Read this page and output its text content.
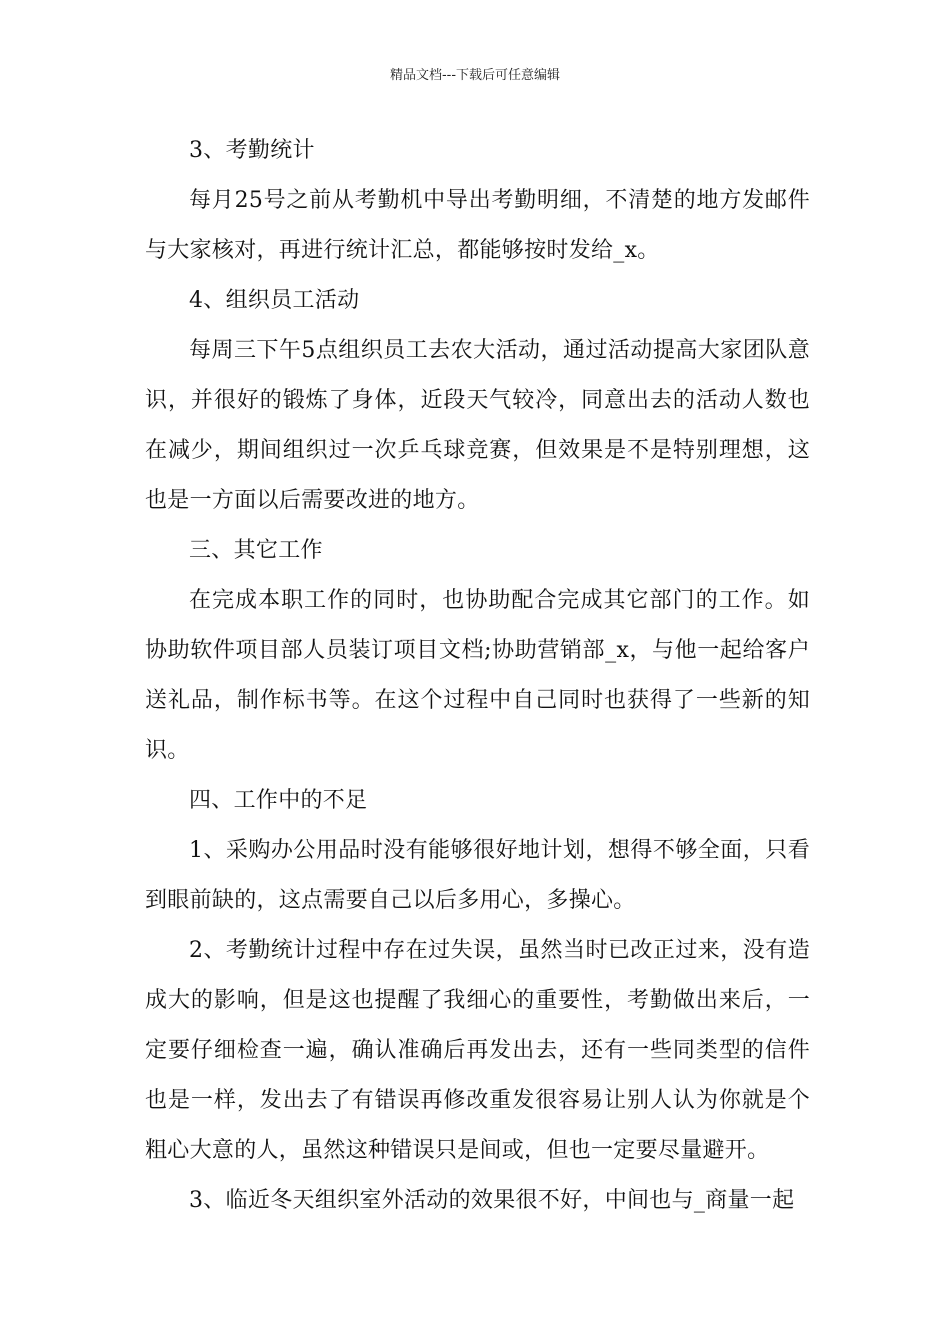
精品文档---下载后可任意编辑

3、考勤统计

每月25号之前从考勤机中导出考勤明细，不清楚的地方发邮件与大家核对，再进行统计汇总，都能够按时发给_x。

4、组织员工活动

每周三下午5点组织员工去农大活动，通过活动提高大家团队意识，并很好的锻炼了身体，近段天气较冷，同意出去的活动人数也在减少，期间组织过一次乒乓球竞赛，但效果是不是特别理想，这也是一方面以后需要改进的地方。

三、其它工作

在完成本职工作的同时，也协助配合完成其它部门的工作。如协助软件项目部人员装订项目文档;协助营销部_x，与他一起给客户送礼品，制作标书等。在这个过程中自己同时也获得了一些新的知识。

四、工作中的不足

1、采购办公用品时没有能够很好地计划，想得不够全面，只看到眼前缺的，这点需要自己以后多用心，多操心。

2、考勤统计过程中存在过失误，虽然当时已改正过来，没有造成大的影响，但是这也提醒了我细心的重要性，考勤做出来后，一定要仔细检查一遍，确认准确后再发出去，还有一些同类型的信件也是一样，发出去了有错误再修改重发很容易让别人认为你就是个粗心大意的人，虽然这种错误只是间或，但也一定要尽量避开。

3、临近冬天组织室外活动的效果很不好，中间也与_商量一起
